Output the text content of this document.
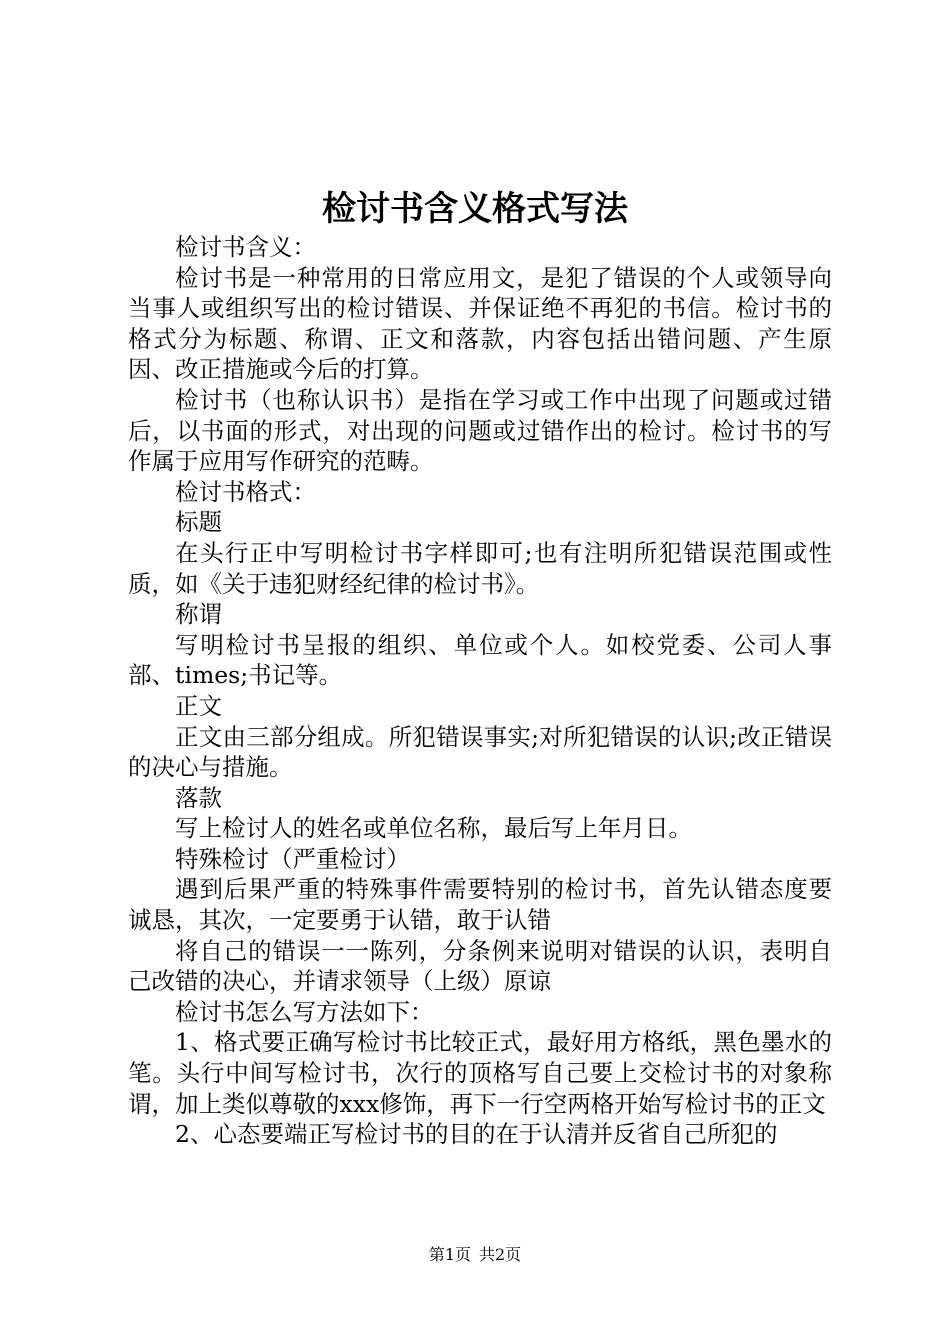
检讨书含义格式写法

检讨书含义：

检讨书是一种常用的日常应用文，是犯了错误的个人或领导向当事人或组织写出的检讨错误、并保证绝不再犯的书信。检讨书的格式分为标题、称谓、正文和落款，内容包括出错问题、产生原因、改正措施或今后的打算。

检讨书（也称认识书）是指在学习或工作中出现了问题或过错后，以书面的形式，对出现的问题或过错作出的检讨。检讨书的写作属于应用写作研究的范畴。

检讨书格式：

标题

在头行正中写明检讨书字样即可;也有注明所犯错误范围或性质，如《关于违犯财经纪律的检讨书》。

称谓

写明检讨书呈报的组织、单位或个人。如校党委、公司人事部、times;书记等。

正文

正文由三部分组成。所犯错误事实;对所犯错误的认识;改正错误的决心与措施。

落款

写上检讨人的姓名或单位名称，最后写上年月日。

特殊检讨（严重检讨）

遇到后果严重的特殊事件需要特别的检讨书，首先认错态度要诚恳，其次，一定要勇于认错，敢于认错

将自己的错误一一陈列，分条例来说明对错误的认识，表明自己改错的决心，并请求领导（上级）原谅

检讨书怎么写方法如下：

1、格式要正确写检讨书比较正式，最好用方格纸，黑色墨水的笔。头行中间写检讨书，次行的顶格写自己要上交检讨书的对象称谓，加上类似尊敬的xxx修饰，再下一行空两格开始写检讨书的正文

2、心态要端正写检讨书的目的在于认清并反省自己所犯的

第1页 共2页
